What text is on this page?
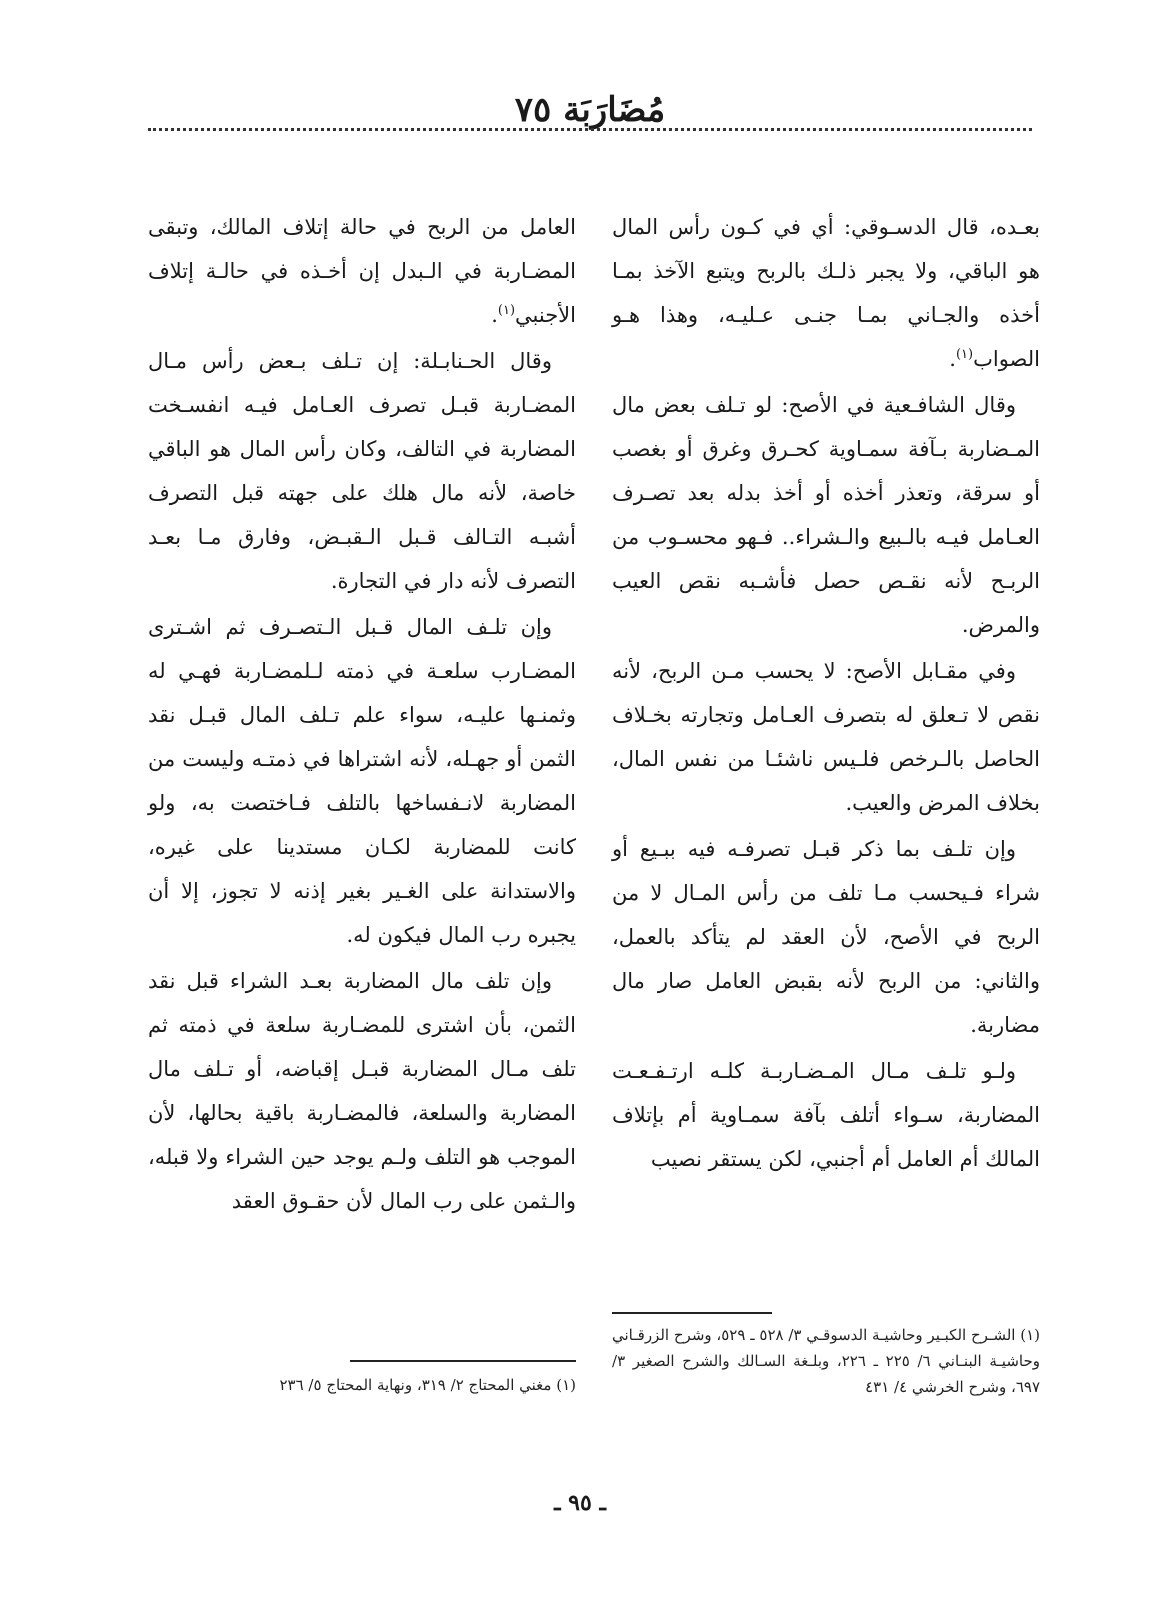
مُضَارَبَة ٧٥

بعـده، قال الدسـوقي: أي في كـون رأس المال هو الباقي، ولا يجبر ذلـك بالربح ويتبع الآخذ بمـا أخذه والجـاني بمـا جنـى عـليـه، وهذا هـو الصواب$^{(١)}$.

وقال الشافـعية في الأصح: لو تـلف بعض مال المـضاربة بـآفة سمـاوية كحـرق وغرق أو بغصب أو سرقة، وتعذر أخذه أو أخذ بدله بعد تصـرف العـامل فيـه بالـبيع والـشراء.. فـهو محسـوب من الربـح لأنه نقـص حصل فأشـبه نقص العيب والمرض.

وفي مقـابل الأصح: لا يحسب مـن الربح، لأنه نقص لا تـعلق له بتصرف العـامل وتجارته بخـلاف الحاصل بالـرخص فلـيس ناشئـا من نفس المال، بخلاف المرض والعيب.

وإن تلـف بما ذكر قبـل تصرفـه فيه ببـيع أو شراء فـيحسب مـا تلف من رأس المـال لا من الربح في الأصح، لأن العقد لم يتأكد بالعمل، والثاني: من الربح لأنه بقبض العامل صار مال مضاربة.

ولـو تلـف مـال المـضـاربـة كلـه ارتـفـعـت المضاربة، سـواء أتلف بآفة سمـاوية أم بإتلاف المالك أم العامل أم أجنبي، لكن يستقر نصيب

العامل من الربح في حالة إتلاف المالك، وتبقى المضـاربة في الـبدل إن أخـذه في حالـة إتلاف الأجنبي$^{(١)}$.

وقال الحـنابـلة: إن تـلف بـعض رأس مـال المضـاربة قبـل تصرف العـامل فيـه انفسـخت المضاربة في التالف، وكان رأس المال هو الباقي خاصة، لأنه مال هلك على جهته قبل التصرف أشبـه التـالف قـبل الـقبـض، وفارق مـا بعـد التصرف لأنه دار في التجارة.

وإن تلـف المال قـبل الـتصـرف ثم اشـترى المضـارب سلعـة في ذمته لـلمضـاربة فهـي له وثمنـها عليـه، سواء علم تـلف المال قبـل نقد الثمن أو جهـله، لأنه اشتراها في ذمتـه وليست من المضاربة لانـفساخها بالتلف فـاختصت به، ولو كانت للمضاربة لكـان مستدينا على غيره، والاستدانة على الغـير بغير إذنه لا تجوز، إلا أن يجبره رب المال فيكون له.

وإن تلف مال المضاربة بعـد الشراء قبل نقد الثمن، بأن اشترى للمضـاربة سلعة في ذمته ثم تلف مـال المضاربة قبـل إقباضه، أو تـلف مال المضاربة والسلعة، فالمضـاربة باقية بحالها، لأن الموجب هو التلف ولـم يوجد حين الشراء ولا قبله، والـثمن على رب المال لأن حقـوق العقد

(١) الشـرح الكبـير وحاشيـة الدسوقـي ٣/ ٥٢٨ ـ ٥٢٩، وشرح الزرقـاني وحاشيـة البنـاني ٦/ ٢٢٥ ـ ٢٢٦، وبلـغة السـالك والشرح الصغير ٣/ ٦٩٧، وشرح الخرشي ٤/ ٤٣١
(١) مغني المحتاج ٢/ ٣١٩، ونهاية المحتاج ٥/ ٢٣٦
ـ ٩٥ ـ
